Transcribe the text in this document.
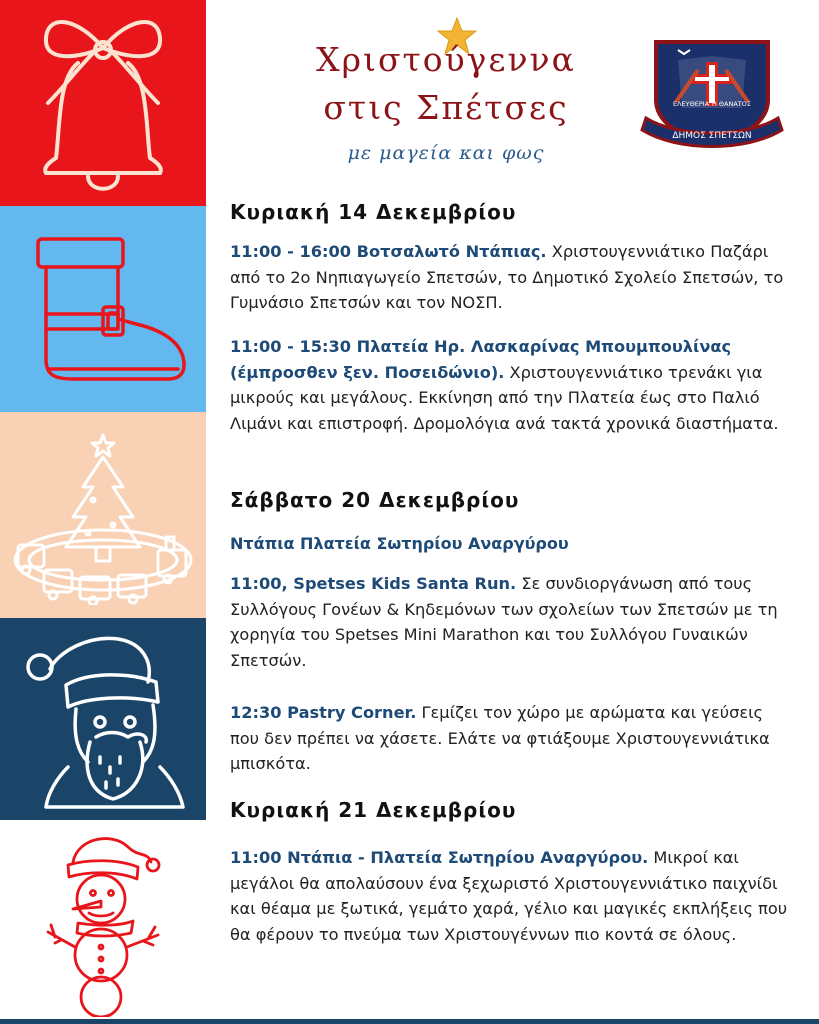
Χριστούγεννα
στις Σπέτσες
με μαγεία και φως
ΕΛΕΥΘΕΡΙΑ Ή ΘΑΝΑΤΟΣ
ΔΗΜΟΣ ΣΠΕΤΣΩΝ
Κυριακή 14 Δεκεμβρίου
11:00 - 16:00 Βοτσαλωτό Ντάπιας. Χριστουγεννιάτικο Παζάρι από το 2ο Νηπιαγωγείο Σπετσών, το Δημοτικό Σχολείο Σπετσών, το Γυμνάσιο Σπετσών και τον ΝΟΣΠ.
11:00 - 15:30 Πλατεία Ηρ. Λασκαρίνας Μπουμπουλίνας (έμπροσθεν ξεν. Ποσειδώνιο). Χριστουγεννιάτικο τρενάκι για μικρούς και μεγάλους. Εκκίνηση από την Πλατεία έως στο Παλιό Λιμάνι και επιστροφή. Δρομολόγια ανά τακτά χρονικά διαστήματα.
Σάββατο 20 Δεκεμβρίου
Ντάπια Πλατεία Σωτηρίου Αναργύρου
11:00, Spetses Kids Santa Run. Σε συνδιοργάνωση από τους Συλλόγους Γονέων & Κηδεμόνων των σχολείων των Σπετσών με τη χορηγία του Spetses Mini Marathon και του Συλλόγου Γυναικών Σπετσών.
12:30 Pastry Corner. Γεμίζει τον χώρο με αρώματα και γεύσεις που δεν πρέπει να χάσετε. Ελάτε να φτιάξουμε Χριστουγεννιάτικα μπισκότα.
Κυριακή 21 Δεκεμβρίου
11:00 Ντάπια - Πλατεία Σωτηρίου Αναργύρου. Μικροί και μεγάλοι θα απολαύσουν ένα ξεχωριστό Χριστουγεννιάτικο παιχνίδι και θέαμα με ξωτικά, γεμάτο χαρά, γέλιο και μαγικές εκπλήξεις που θα φέρουν το πνεύμα των Χριστουγέννων πιο κοντά σε όλους.
